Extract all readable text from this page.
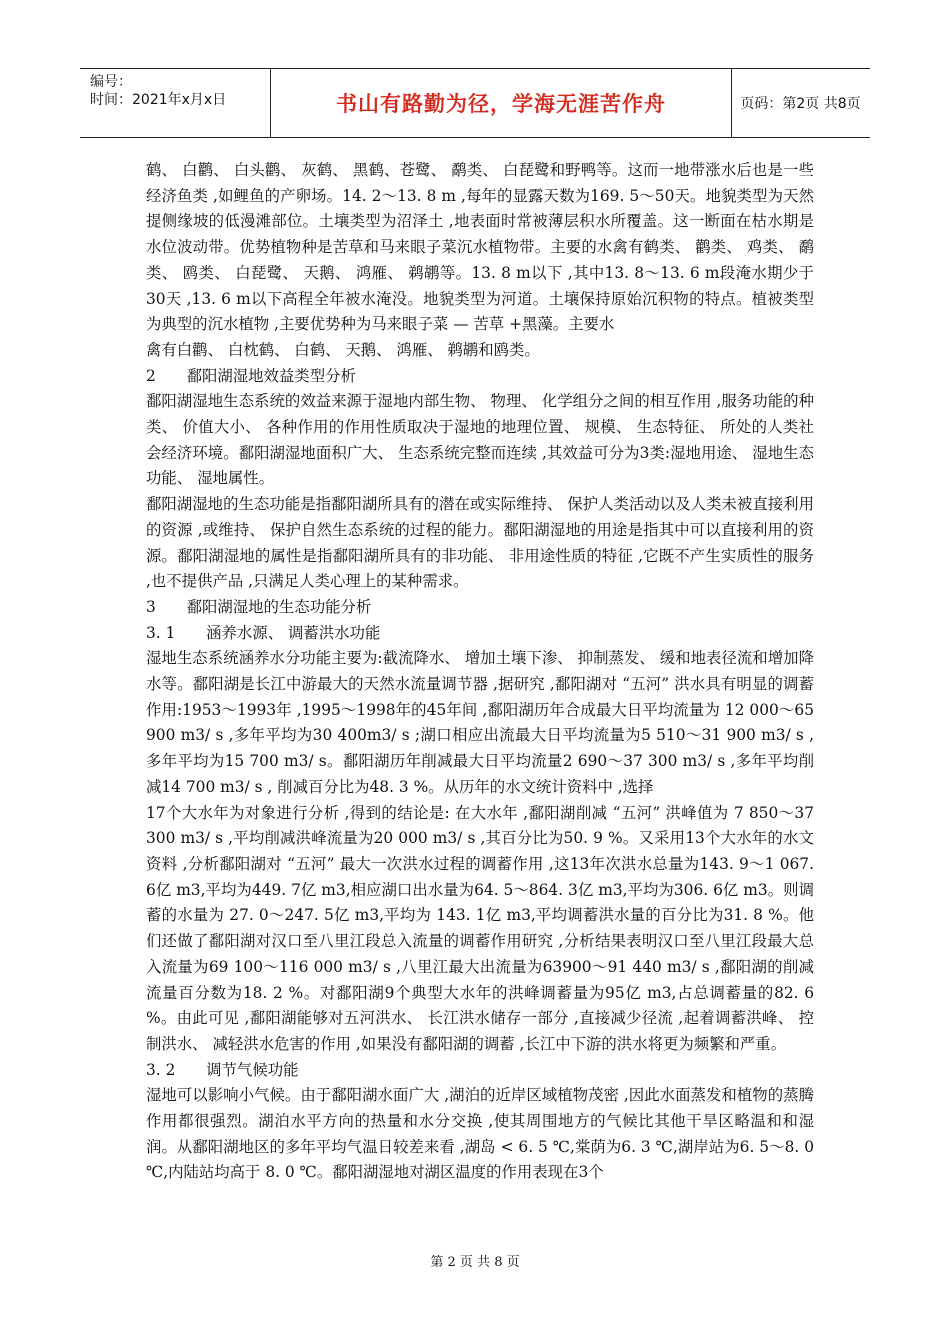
编号：
时间：2021年x月x日	书山有路勤为径，学海无涯苦作舟	页码：第2页 共8页

鹤、 白鹳、 白头鹳、 灰鹤、 黑鹤、苍鹭、 鹬类、 白琵鹭和野鸭等。这而一地带涨水后也是一些经济鱼类 ,如鲤鱼的产卵场。14. 2～13. 8 m ,每年的显露天数为169. 5～50天。地貌类型为天然提侧缘坡的低漫滩部位。土壤类型为沼泽土 ,地表面时常被薄层积水所覆盖。这一断面在枯水期是水位波动带。优势植物种是苦草和马来眼子菜沉水植物带。主要的水禽有鹤类、 鹳类、 鸡类、 鹬类、 鸥类、 白琵鹭、 天鹅、 鸿雁、 鹈鹕等。13. 8 m以下 ,其中13. 8～13. 6 m段淹水期少于30天 ,13. 6 m以下高程全年被水淹没。地貌类型为河道。土壤保持原始沉积物的特点。植被类型为典型的沉水植物 ,主要优势种为马来眼子菜 — 苦草 +黑藻。主要水

禽有白鹳、 白枕鹤、 白鹤、 天鹅、 鸿雁、 鹈鹕和鸥类。

2　　鄱阳湖湿地效益类型分析

鄱阳湖湿地生态系统的效益来源于湿地内部生物、 物理、 化学组分之间的相互作用 ,服务功能的种类、 价值大小、 各种作用的作用性质取决于湿地的地理位置、 规模、 生态特征、 所处的人类社会经济环境。鄱阳湖湿地面积广大、 生态系统完整而连续 ,其效益可分为3类:湿地用途、 湿地生态功能、 湿地属性。

鄱阳湖湿地的生态功能是指鄱阳湖所具有的潜在或实际维持、 保护人类活动以及人类未被直接利用的资源 ,或维持、 保护自然生态系统的过程的能力。鄱阳湖湿地的用途是指其中可以直接利用的资源。鄱阳湖湿地的属性是指鄱阳湖所具有的非功能、 非用途性质的特征 ,它既不产生实质性的服务 ,也不提供产品 ,只满足人类心理上的某种需求。

3　　鄱阳湖湿地的生态功能分析

3. 1　　涵养水源、 调蓄洪水功能

湿地生态系统涵养水分功能主要为:截流降水、 增加土壤下渗、 抑制蒸发、 缓和地表径流和增加降水等。鄱阳湖是长江中游最大的天然水流量调节器 ,据研究 ,鄱阳湖对 “五河” 洪水具有明显的调蓄作用:1953～1993年 ,1995～1998年的45年间 ,鄱阳湖历年合成最大日平均流量为 12 000～65 900 m3/ s ,多年平均为30 400m3/ s ;湖口相应出流最大日平均流量为5 510～31 900 m3/ s ,多年平均为15 700 m3/ s。鄱阳湖历年削减最大日平均流量2 690～37 300 m3/ s ,多年平均削减14 700 m3/ s , 削减百分比为48. 3 %。从历年的水文统计资料中 ,选择

17个大水年为对象进行分析 ,得到的结论是: 在大水年 ,鄱阳湖削减 “五河” 洪峰值为 7 850～37 300 m3/ s ,平均削减洪峰流量为20 000 m3/ s ,其百分比为50. 9 %。又采用13个大水年的水文资料 ,分析鄱阳湖对 “五河” 最大一次洪水过程的调蓄作用 ,这13年次洪水总量为143. 9～1 067. 6亿 m3,平均为449. 7亿 m3,相应湖口出水量为64. 5～864. 3亿 m3,平均为306. 6亿 m3。则调蓄的水量为 27. 0～247. 5亿 m3,平均为 143. 1亿 m3,平均调蓄洪水量的百分比为31. 8 %。他们还做了鄱阳湖对汉口至八里江段总入流量的调蓄作用研究 ,分析结果表明汉口至八里江段最大总入流量为69 100～116 000 m3/ s ,八里江最大出流量为63900～91 440 m3/ s ,鄱阳湖的削减流量百分数为18. 2 %。对鄱阳湖9个典型大水年的洪峰调蓄量为95亿 m3,占总调蓄量的82. 6 %。由此可见 ,鄱阳湖能够对五河洪水、 长江洪水储存一部分 ,直接减少径流 ,起着调蓄洪峰、 控制洪水、 减轻洪水危害的作用 ,如果没有鄱阳湖的调蓄 ,长江中下游的洪水将更为频繁和严重。

3. 2　　调节气候功能

湿地可以影响小气候。由于鄱阳湖水面广大 ,湖泊的近岸区域植物茂密 ,因此水面蒸发和植物的蒸腾作用都很强烈。湖泊水平方向的热量和水分交换 ,使其周围地方的气候比其他干旱区略温和和湿润。从鄱阳湖地区的多年平均气温日较差来看 ,湖岛 < 6. 5 ℃,棠荫为6. 3 ℃,湖岸站为6. 5～8. 0 ℃,内陆站均高于 8. 0 ℃。鄱阳湖湿地对湖区温度的作用表现在3个

第 2 页 共 8 页
